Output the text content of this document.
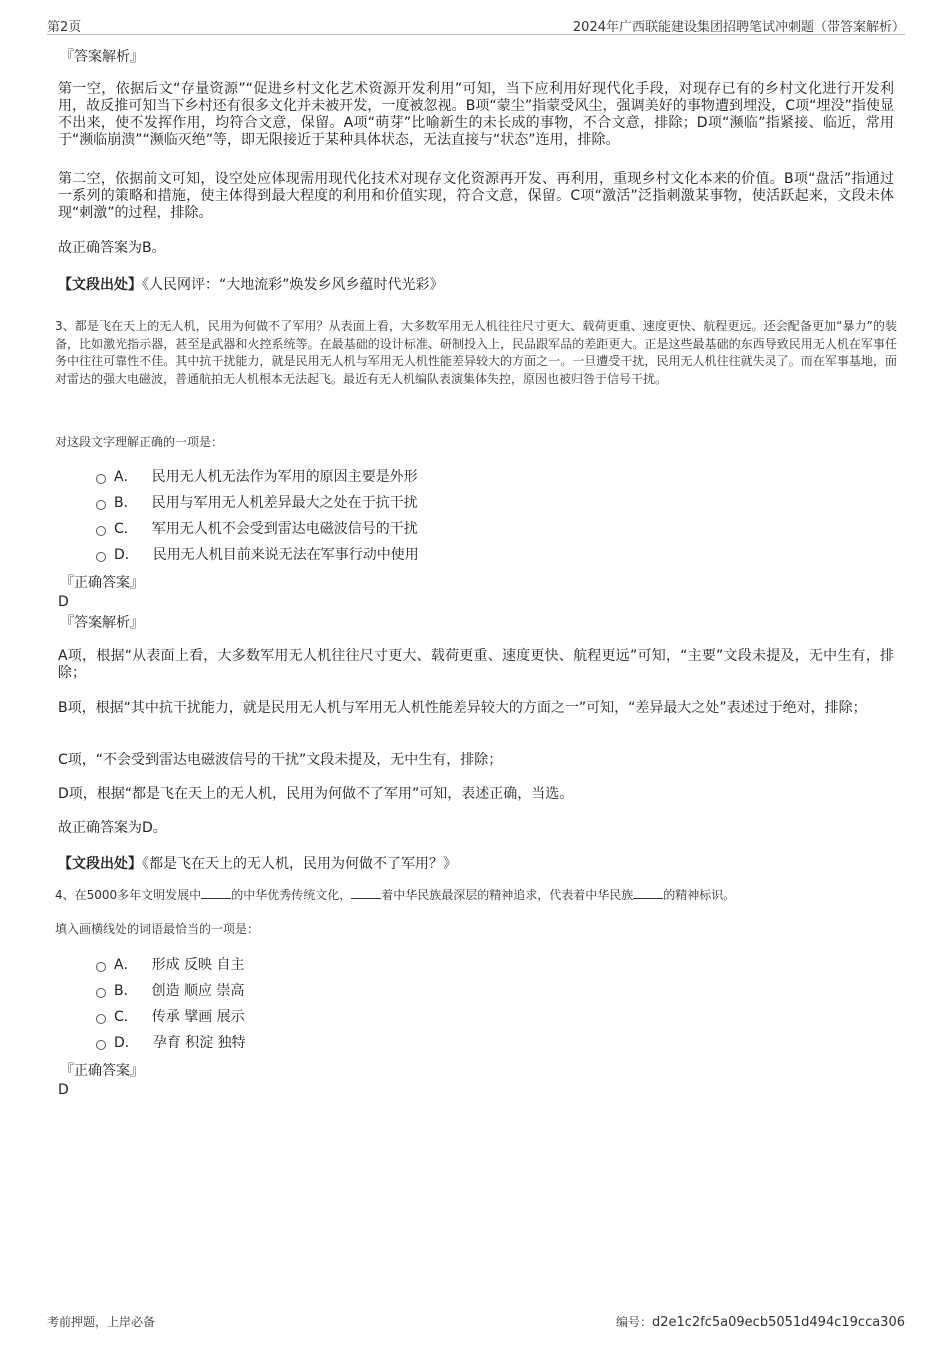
第2页	2024年广西联能建设集团招聘笔试冲刺题（带答案解析）
『答案解析』
第一空，依据后文“存量资源”“促进乡村文化艺术资源开发利用”可知，当下应利用好现代化手段，对现存已有的乡村文化进行开发利用，故反推可知当下乡村还有很多文化并未被开发，一度被忽视。B项“蒙尘”指蒙受风尘，强调美好的事物遭到埋没，C项“埋没”指使显不出来，使不发挥作用，均符合文意，保留。A项“萌芽”比喻新生的未长成的事物，不合文意，排除；D项“濒临”指紧接、临近，常用于“濒临崩溃”“濒临灭绝”等，即无限接近于某种具体状态，无法直接与“状态”连用，排除。
第二空，依据前文可知，设空处应体现需用现代化技术对现存文化资源再开发、再利用，重现乡村文化本来的价值。B项“盘活”指通过一系列的策略和措施，使主体得到最大程度的利用和价值实现，符合文意，保留。C项“激活”泛指刺激某事物，使活跃起来，文段未体现“刺激”的过程，排除。
故正确答案为B。
【文段出处】《人民网评：“大地流彩”焕发乡风乡蕴时代光彩》
3、都是飞在天上的无人机，民用为何做不了军用？从表面上看，大多数军用无人机往往尺寸更大、载荷更重、速度更快、航程更远。还会配备更加“暴力”的装备，比如激光指示器，甚至是武器和火控系统等。在最基础的设计标准、研制投入上，民品跟军品的差距更大。正是这些最基础的东西导致民用无人机在军事任务中往往可靠性不佳。其中抗干扰能力，就是民用无人机与军用无人机性能差异较大的方面之一。一旦遭受干扰，民用无人机往往就失灵了。而在军事基地，面对雷达的强大电磁波，普通航拍无人机根本无法起飞。最近有无人机编队表演集体失控，原因也被归咎于信号干扰。
对这段文字理解正确的一项是：
A． 民用无人机无法作为军用的原因主要是外形
B． 民用与军用无人机差异最大之处在于抗干扰
C． 军用无人机不会受到雷达电磁波信号的干扰
D． 民用无人机目前来说无法在军事行动中使用
『正确答案』
D
『答案解析』
A项，根据“从表面上看，大多数军用无人机往往尺寸更大、载荷更重、速度更快、航程更远”可知，“主要”文段未提及，无中生有，排除；
B项，根据“其中抗干扰能力，就是民用无人机与军用无人机性能差异较大的方面之一”可知，“差异最大之处”表述过于绝对，排除；
C项，“不会受到雷达电磁波信号的干扰”文段未提及，无中生有，排除；
D项，根据“都是飞在天上的无人机，民用为何做不了军用”可知，表述正确，当选。
故正确答案为D。
【文段出处】《都是飞在天上的无人机，民用为何做不了军用？》
4、在5000多年文明发展中	的中华优秀传统文化，	着中华民族最深层的精神追求，代表着中华民族	的精神标识。
填入画横线处的词语最恰当的一项是：
A． 形成 反映 自主
B． 创造 顺应 崇高
C． 传承 擘画 展示
D． 孕育 积淀 独特
『正确答案』
D
考前押题，上岸必备	编号：d2e1c2fc5a09ecb5051d494c19cca306
